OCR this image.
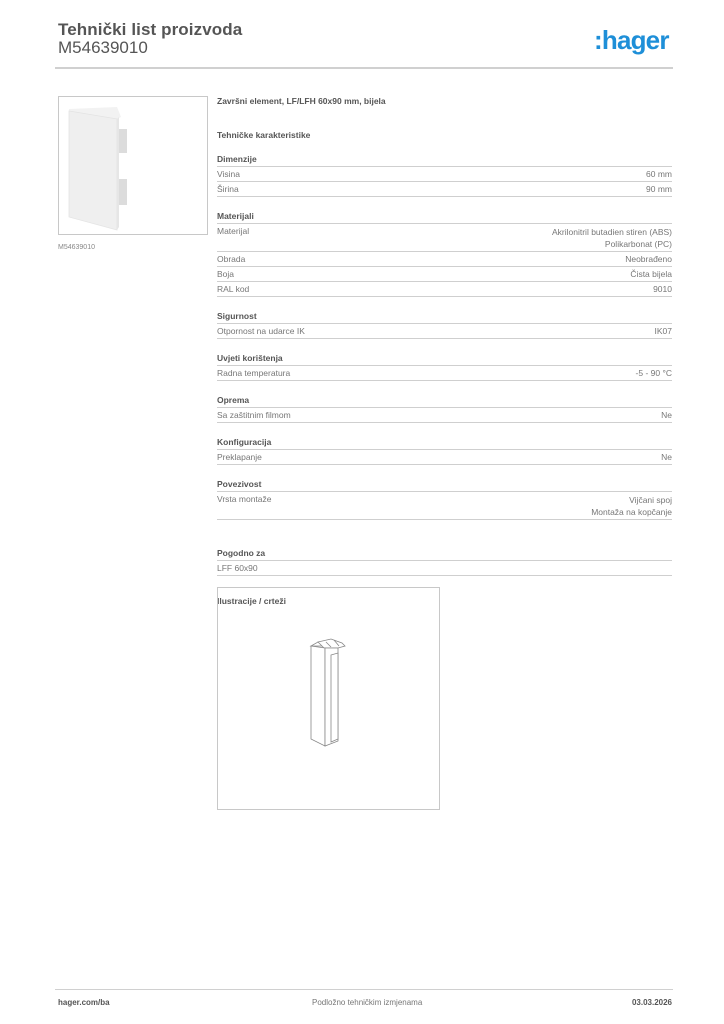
Tehnički list proizvoda
M54639010	:hager
M54639010
Završni element, LF/LFH 60x90 mm, bijela
Tehničke karakteristike
Dimenzije
Visina	60 mm
Širina	90 mm
Materijali
Materijal	Akrilonitril butadien stiren (ABS)
Polikarbonat (PC)
Obrada	Neobrađeno
Boja	Čista bijela
RAL kod	9010
Sigurnost
Otpornost na udarce IK	IK07
Uvjeti korištenja
Radna temperatura	-5 - 90 °C
Oprema
Sa zaštitnim filmom	Ne
Konfiguracija
Preklapanje	Ne
Povezivost
Vrsta montaže	Vijčani spoj
Montaža na kopčanje
Pogodno za
LFF 60x90
Ilustracije / crteži
hager.com/ba	Podložno tehničkim izmjenama	03.03.2026
